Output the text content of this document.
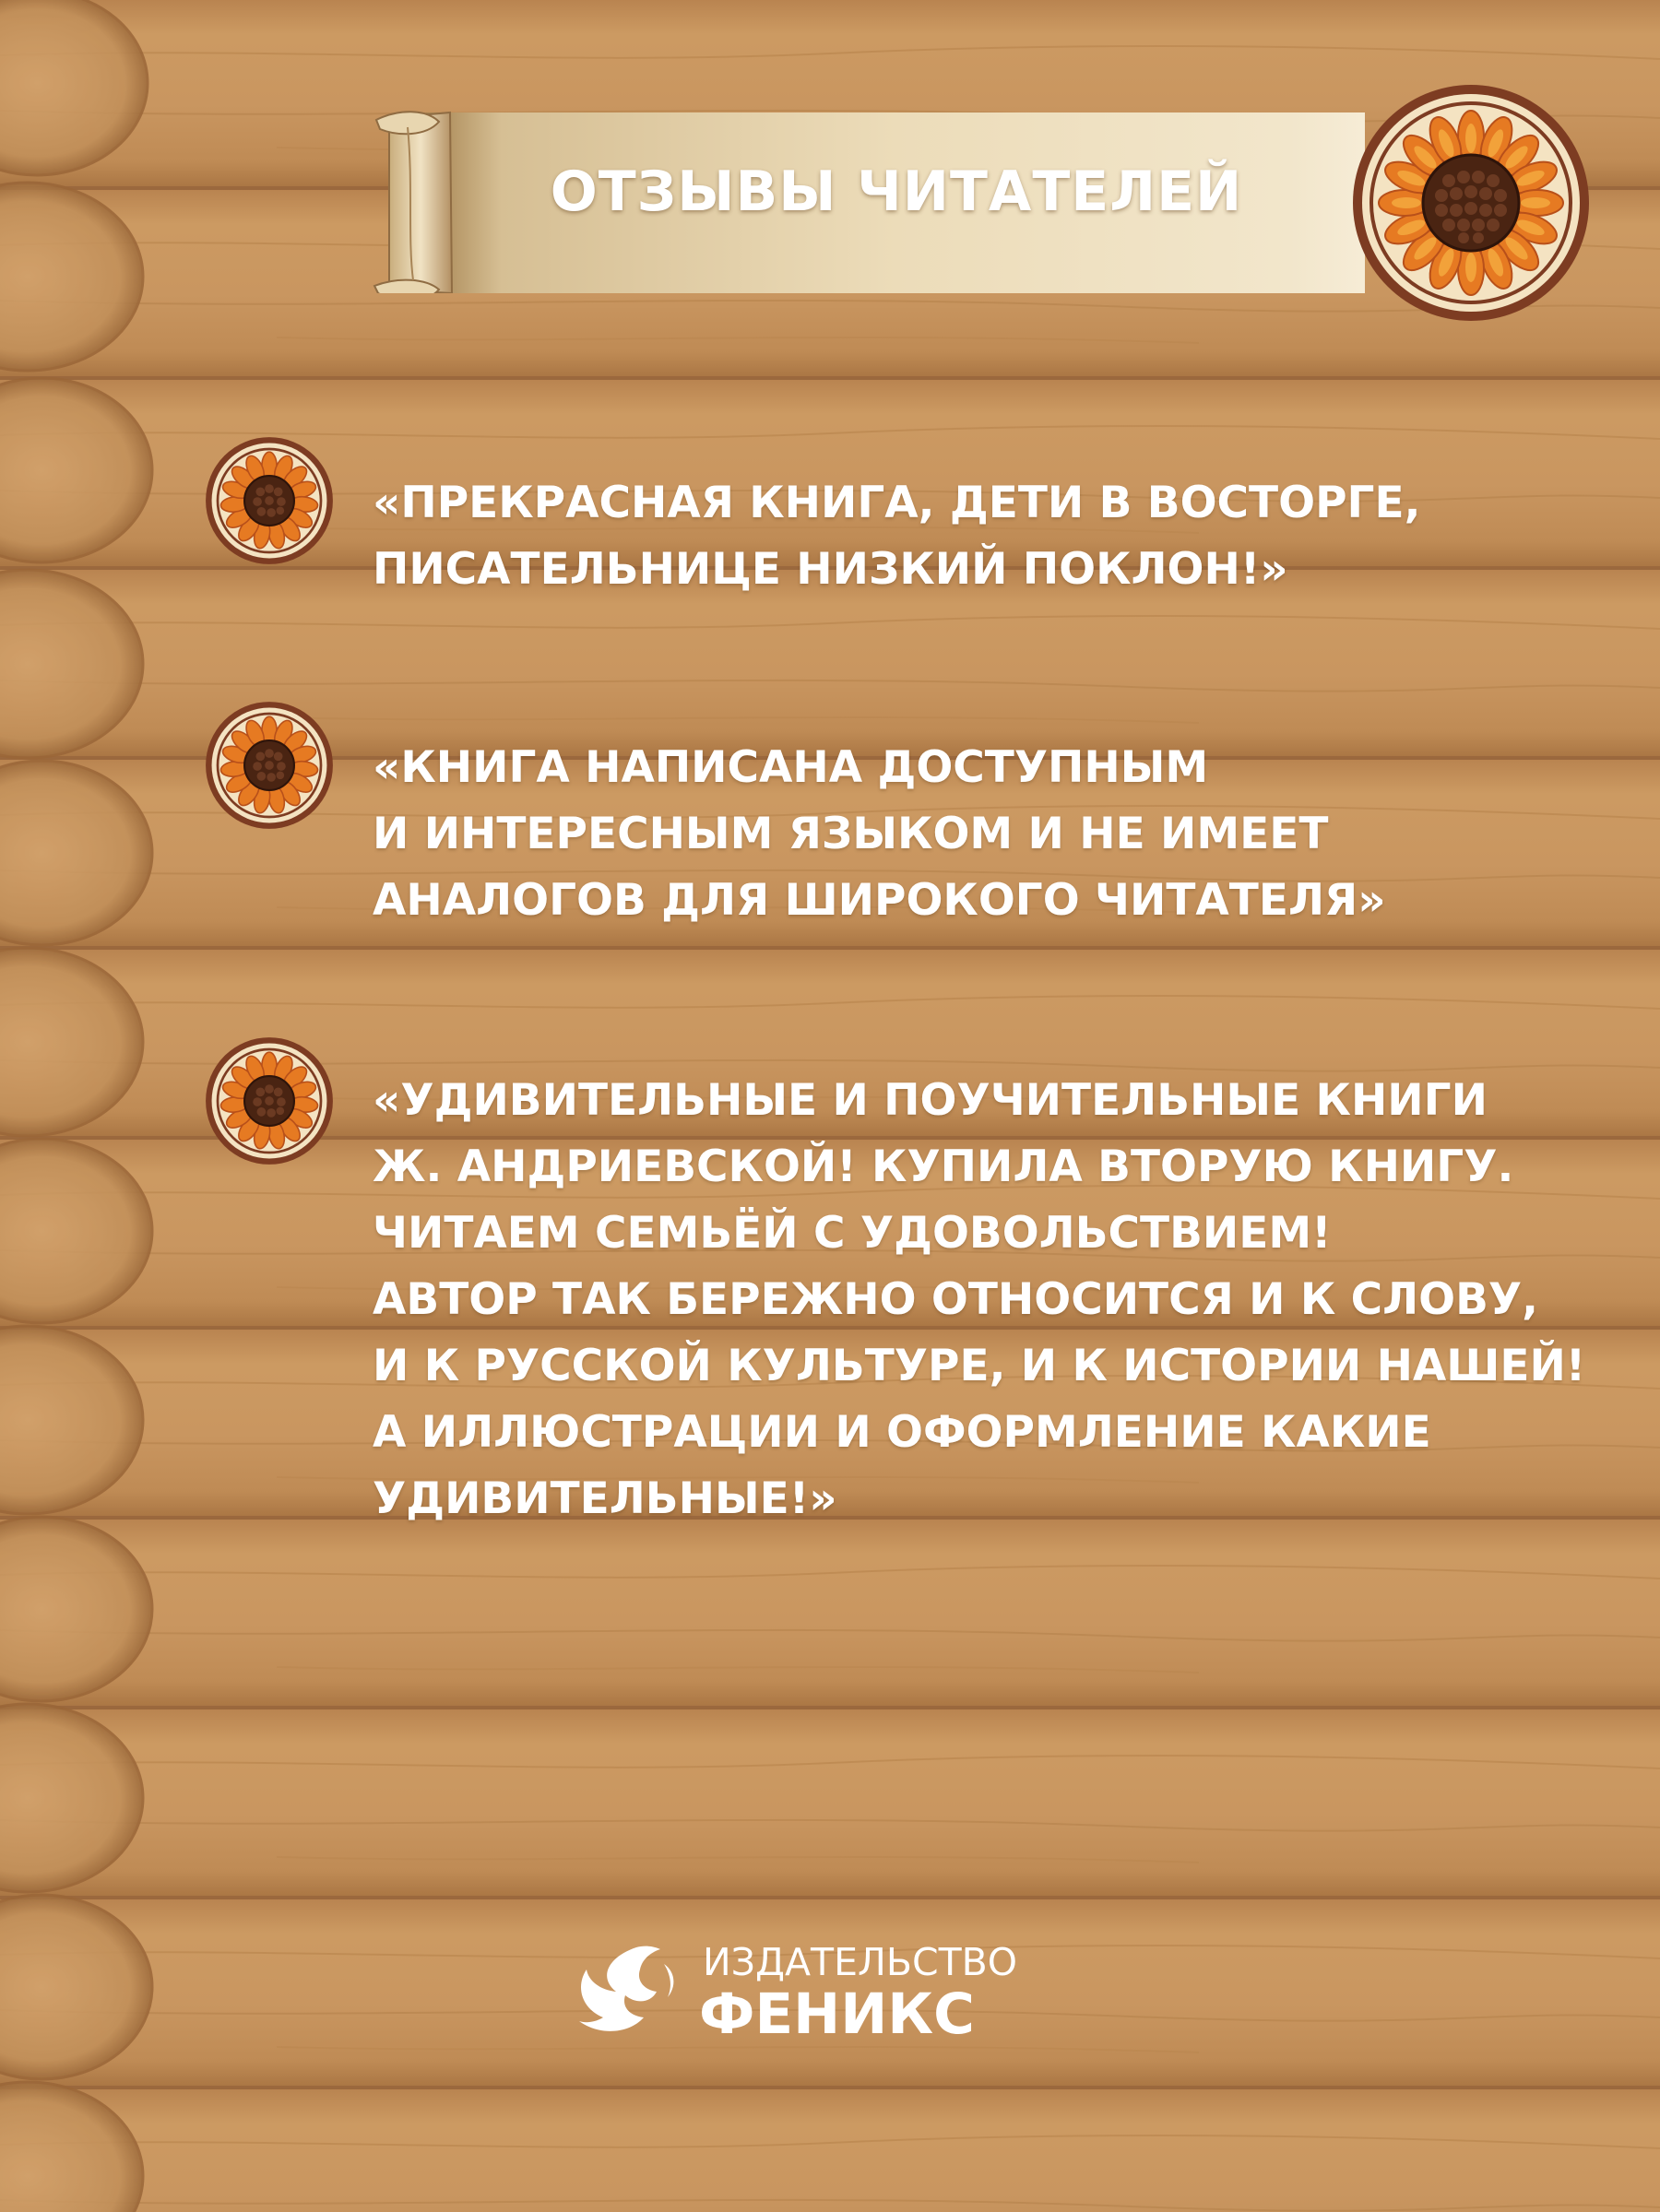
ОТЗЫВЫ ЧИТАТЕЛЕЙ

«ПРЕКРАСНАЯ КНИГА, ДЕТИ В ВОСТОРГЕ,
ПИСАТЕЛЬНИЦЕ НИЗКИЙ ПОКЛОН!»

«КНИГА НАПИСАНА ДОСТУПНЫМ
И ИНТЕРЕСНЫМ ЯЗЫКОМ И НЕ ИМЕЕТ
АНАЛОГОВ ДЛЯ ШИРОКОГО ЧИТАТЕЛЯ»

«УДИВИТЕЛЬНЫЕ И ПОУЧИТЕЛЬНЫЕ КНИГИ
Ж. АНДРИЕВСКОЙ! КУПИЛА ВТОРУЮ КНИГУ.
ЧИТАЕМ СЕМЬЁЙ С УДОВОЛЬСТВИЕМ!
АВТОР ТАК БЕРЕЖНО ОТНОСИТСЯ И К СЛОВУ,
И К РУССКОЙ КУЛЬТУРЕ, И К ИСТОРИИ НАШЕЙ!
А ИЛЛЮСТРАЦИИ И ОФОРМЛЕНИЕ КАКИЕ
УДИВИТЕЛЬНЫЕ!»

ИЗДАТЕЛЬСТВО
ФЕНИКС
